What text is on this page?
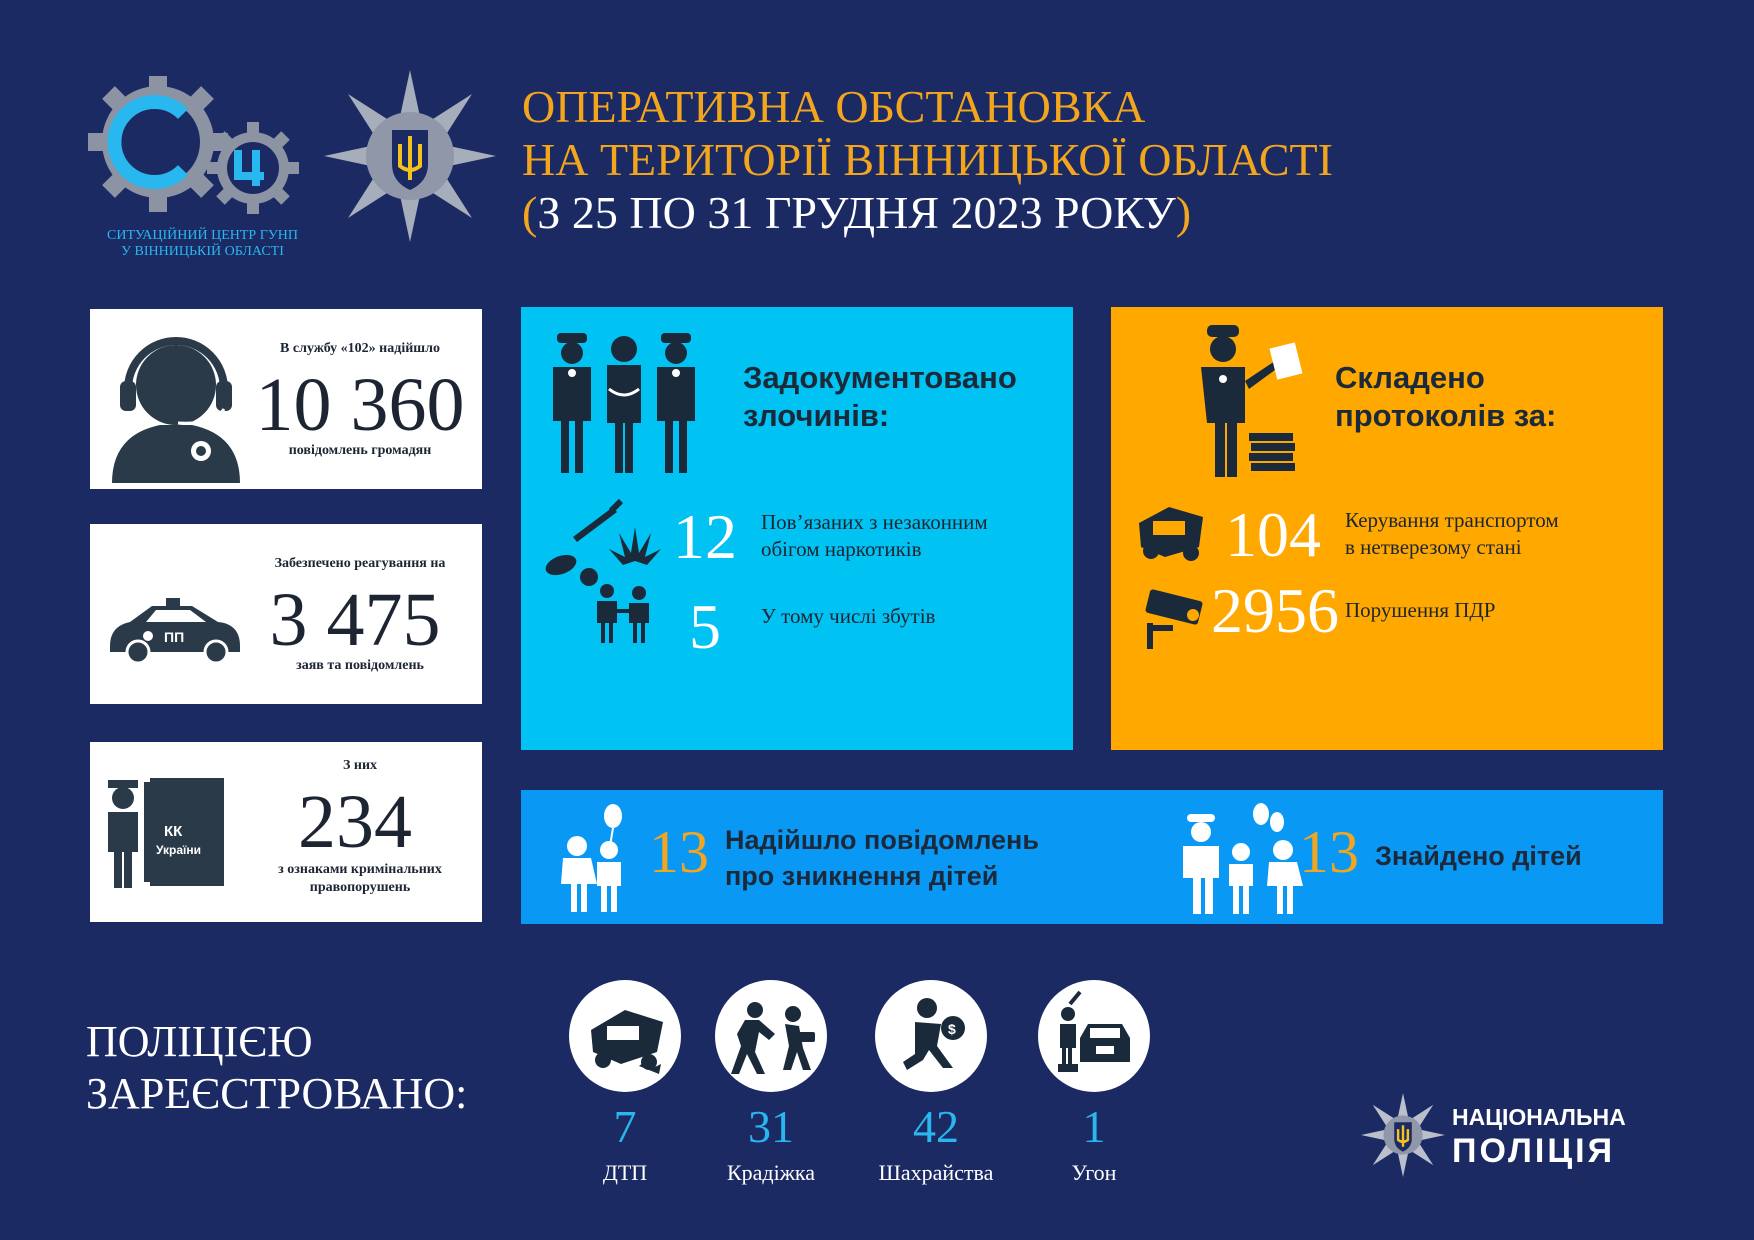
СИТУАЦІЙНИЙ ЦЕНТР ГУНП
У ВІННИЦЬКІЙ ОБЛАСТІ
ОПЕРАТИВНА ОБСТАНОВКА
НА ТЕРИТОРІЇ ВІННИЦЬКОЇ ОБЛАСТІ
(З 25 ПО 31 ГРУДНЯ 2023 РОКУ)
В службу «102» надійшло
10 360
повідомлень громадян
ПП
Забезпечено реагування на
3 475
заяв та повідомлень
КК
України
З них
234
з ознаками кримінальних
правопорушень
Задокументовано
злочинів:
12 Пов’язаних з незаконним
обігом наркотиків
5 У тому числі збутів
Складено
протоколів за:
104 Керування транспортом
в нетверезому стані
2956 Порушення ПДР
13 Надійшло повідомлень
про зникнення дітей	13 Знайдено дітей
ПОЛІЦІЄЮ
ЗАРЕЄСТРОВАНО:
$
7
ДТП
31
Крадіжка
42
Шахрайства
1
Угон
НАЦІОНАЛЬНА
ПОЛІЦІЯ
